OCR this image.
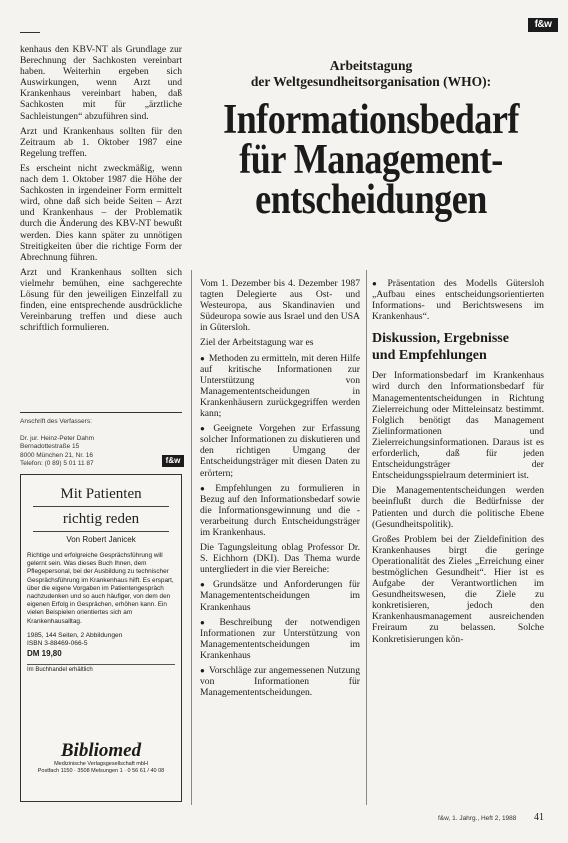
f&w
Arbeitstagung
der Weltgesundheitsorganisation (WHO):
Informationsbedarf
für Management-
entscheidungen

kenhaus den KBV-NT als Grundlage zur Berechnung der Sachkosten vereinbart haben. Weiterhin ergeben sich Auswirkungen, wenn Arzt und Krankenhaus vereinbart haben, daß Sachkosten mit für „ärztliche Sachleistungen“ abzuführen sind.

Arzt und Krankenhaus sollten für den Zeitraum ab 1. Oktober 1987 eine Regelung treffen.

Es erscheint nicht zweckmäßig, wenn nach dem 1. Oktober 1987 die Höhe der Sachkosten in irgendeiner Form ermittelt wird, ohne daß sich beide Seiten – Arzt und Krankenhaus – der Problematik durch die Änderung des KBV-NT bewußt werden. Dies kann später zu unnötigen Streitigkeiten über die richtige Form der Abrechnung führen.

Arzt und Krankenhaus sollten sich vielmehr bemühen, eine sachgerechte Lösung für den jeweiligen Einzelfall zu finden, eine entsprechende ausdrückliche Vereinbarung treffen und diese auch schriftlich formulieren.

Anschrift des Verfassers:
Dr. jur. Heinz-Peter Dahm
Bernadottestraße 15
8000 München 21, Nr. 16
Telefon: (0 89) 5 01 11 87	f&w
Mit Patienten
richtig reden
Von Robert Janicek
Richtige und erfolgreiche Gesprächsführung will gelernt sein. Was dieses Buch Ihnen, dem Pflegepersonal, bei der Ausbildung zu technischer Gesprächsführung im Krankenhaus hilft. Es erspart, über die eigene Vorgaben im Patientengespräch nachzudenken und so auch häufiger, von dem den eigenen Erfolg in Gesprächen, erhöhen kann. Ein vielen Beispielen orientiertes sich am Krankenhausalltag.
1985, 144 Seiten, 2 Abbildungen
ISBN 3-88469-066-5
DM 19,80
Im Buchhandel erhältlich
Bibliomed
Medizinische Verlagsgesellschaft mbH
Postfach 1150 · 3508 Melsungen 1 · 0 56 61 / 40 08

Vom 1. Dezember bis 4. Dezember 1987 tagten Delegierte aus Ost- und Westeuropa, aus Skandinavien und Südeuropa sowie aus Israel und den USA in Gütersloh.

Ziel der Arbeitstagung war es

● Methoden zu ermitteln, mit deren Hilfe auf kritische Informationen zur Unterstützung von Managemententscheidungen in Krankenhäusern zurückgegriffen werden kann;

● Geeignete Vorgehen zur Erfassung solcher Informationen zu diskutieren und den richtigen Umgang der Entscheidungsträger mit diesen Daten zu erörtern;

● Empfehlungen zu formulieren in Bezug auf den Informationsbedarf sowie die Informationsgewinnung und die -verarbeitung durch Entscheidungsträger im Krankenhaus.

Die Tagungsleitung oblag Professor Dr. S. Eichhorn (DKI). Das Thema wurde untergliedert in die vier Bereiche:

● Grundsätze und Anforderungen für Managemententscheidungen im Krankenhaus

● Beschreibung der notwendigen Informationen zur Unterstützung von Managemententscheidungen im Krankenhaus

● Vorschläge zur angemessenen Nutzung von Informationen für Managemententscheidungen.

● Präsentation des Modells Gütersloh „Aufbau eines entscheidungsorientierten Informations- und Berichtswesens im Krankenhaus“.

Diskussion, Ergebnisse
und Empfehlungen

Der Informationsbedarf im Krankenhaus wird durch den Informationsbedarf für Managemententscheidungen in Richtung Zielerreichung oder Mitteleinsatz bestimmt. Folglich benötigt das Management Zielinformationen und Zielerreichungsinformationen. Daraus ist es erforderlich, daß für jeden Entscheidungsträger der Entscheidungsspielraum determiniert ist.

Die Managemententscheidungen werden beeinflußt durch die Bedürfnisse der Patienten und durch die politische Ebene (Gesundheitspolitik).

Großes Problem bei der Zieldefinition des Krankenhauses birgt die geringe Operationalität des Zieles „Erreichung einer bestmöglichen Gesundheit“. Hier ist es Aufgabe der Verantwortlichen im Gesundheitswesen, die Ziele zu konkretisieren, jedoch den Krankenhausmanagement ausreichenden Freiraum zu belassen. Solche Konkretisierungen kön-

f&w, 1. Jahrg., Heft 2, 1988 41
